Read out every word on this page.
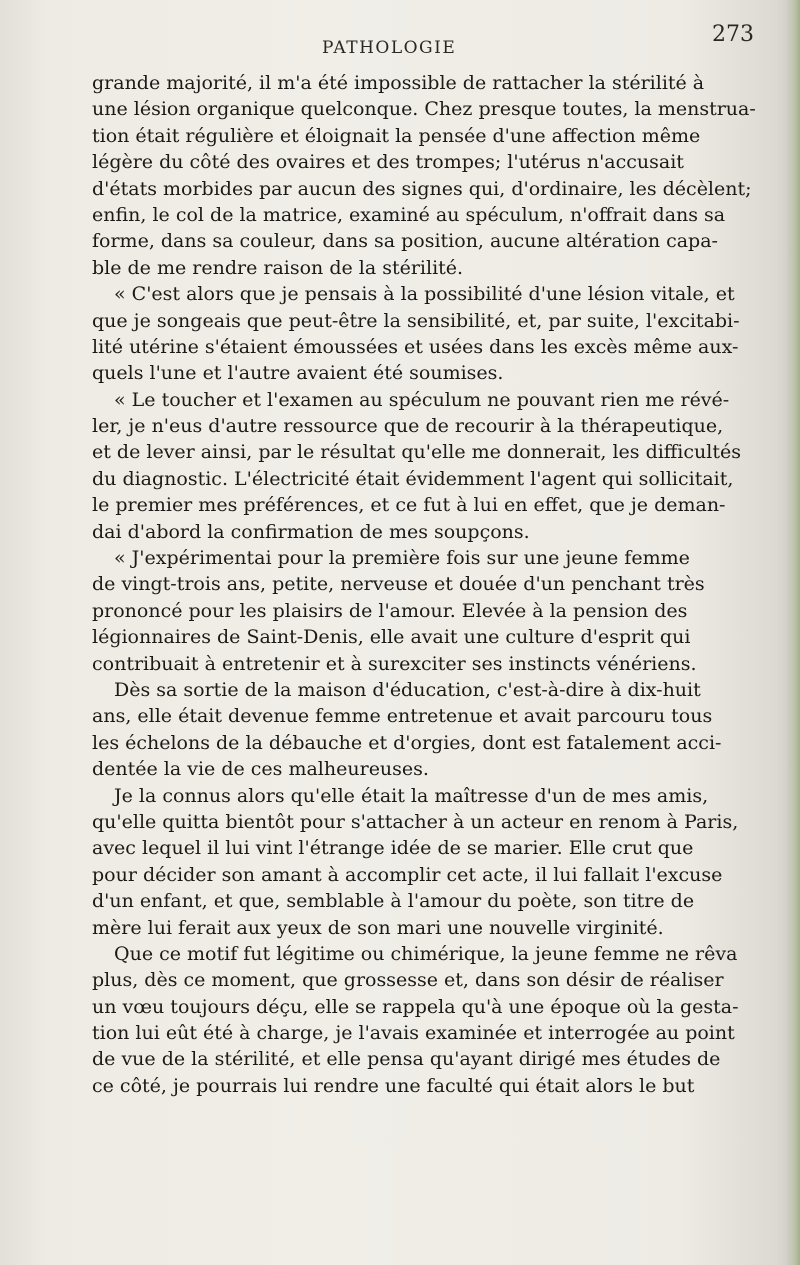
PATHOLOGIE
273
grande majorité, il m'a été impossible de rattacher la stérilité à
une lésion organique quelconque. Chez presque toutes, la menstrua-
tion était régulière et éloignait la pensée d'une affection même
légère du côté des ovaires et des trompes; l'utérus n'accusait
d'états morbides par aucun des signes qui, d'ordinaire, les décèlent;
enfin, le col de la matrice, examiné au spéculum, n'offrait dans sa
forme, dans sa couleur, dans sa position, aucune altération capa-
ble de me rendre raison de la stérilité.
« C'est alors que je pensais à la possibilité d'une lésion vitale, et
que je songeais que peut-être la sensibilité, et, par suite, l'excitabi-
lité utérine s'étaient émoussées et usées dans les excès même aux-
quels l'une et l'autre avaient été soumises.
« Le toucher et l'examen au spéculum ne pouvant rien me révé-
ler, je n'eus d'autre ressource que de recourir à la thérapeutique,
et de lever ainsi, par le résultat qu'elle me donnerait, les difficultés
du diagnostic. L'électricité était évidemment l'agent qui sollicitait,
le premier mes préférences, et ce fut à lui en effet, que je deman-
dai d'abord la confirmation de mes soupçons.
« J'expérimentai pour la première fois sur une jeune femme
de vingt-trois ans, petite, nerveuse et douée d'un penchant très
prononcé pour les plaisirs de l'amour. Elevée à la pension des
légionnaires de Saint-Denis, elle avait une culture d'esprit qui
contribuait à entretenir et à surexciter ses instincts vénériens.
Dès sa sortie de la maison d'éducation, c'est-à-dire à dix-huit
ans, elle était devenue femme entretenue et avait parcouru tous
les échelons de la débauche et d'orgies, dont est fatalement acci-
dentée la vie de ces malheureuses.
Je la connus alors qu'elle était la maîtresse d'un de mes amis,
qu'elle quitta bientôt pour s'attacher à un acteur en renom à Paris,
avec lequel il lui vint l'étrange idée de se marier. Elle crut que
pour décider son amant à accomplir cet acte, il lui fallait l'excuse
d'un enfant, et que, semblable à l'amour du poète, son titre de
mère lui ferait aux yeux de son mari une nouvelle virginité.
Que ce motif fut légitime ou chimérique, la jeune femme ne rêva
plus, dès ce moment, que grossesse et, dans son désir de réaliser
un vœu toujours déçu, elle se rappela qu'à une époque où la gesta-
tion lui eût été à charge, je l'avais examinée et interrogée au point
de vue de la stérilité, et elle pensa qu'ayant dirigé mes études de
ce côté, je pourrais lui rendre une faculté qui était alors le but
